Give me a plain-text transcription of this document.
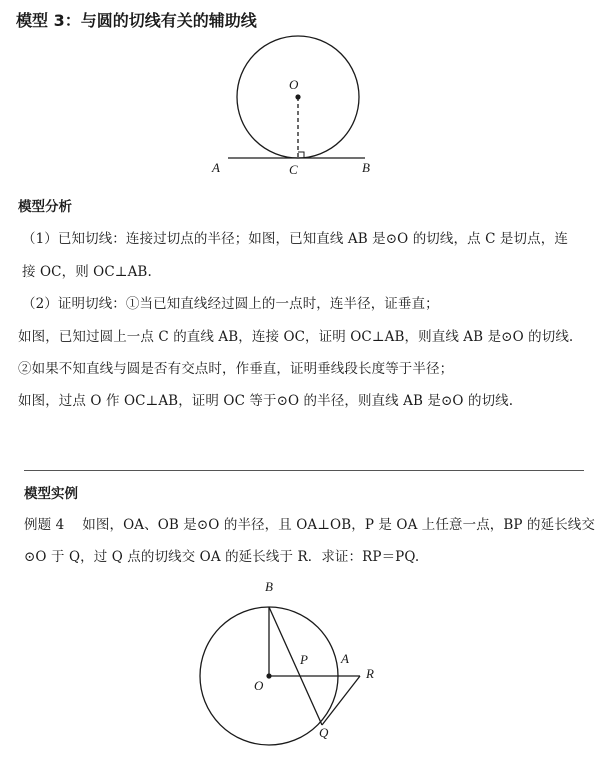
模型 3：与圆的切线有关的辅助线
O
A	C	B
模型分析
（1）已知切线：连接过切点的半径；如图，已知直线 AB 是⊙O 的切线，点 C 是切点，连
接 OC，则 OC⊥AB.
（2）证明切线：①当已知直线经过圆上的一点时，连半径，证垂直；
如图，已知过圆上一点 C 的直线 AB，连接 OC，证明 OC⊥AB，则直线 AB 是⊙O 的切线.
②如果不知直线与圆是否有交点时，作垂直，证明垂线段长度等于半径；
如图，过点 O 作 OC⊥AB，证明 OC 等于⊙O 的半径，则直线 AB 是⊙O 的切线.
模型实例
例题 4　 如图，OA、OB 是⊙O 的半径，且 OA⊥OB，P 是 OA 上任意一点，BP 的延长线交
⊙O 于 Q，过 Q 点的切线交 OA 的延长线于 R．求证：RP＝PQ.
B
P	A
R
O
Q
